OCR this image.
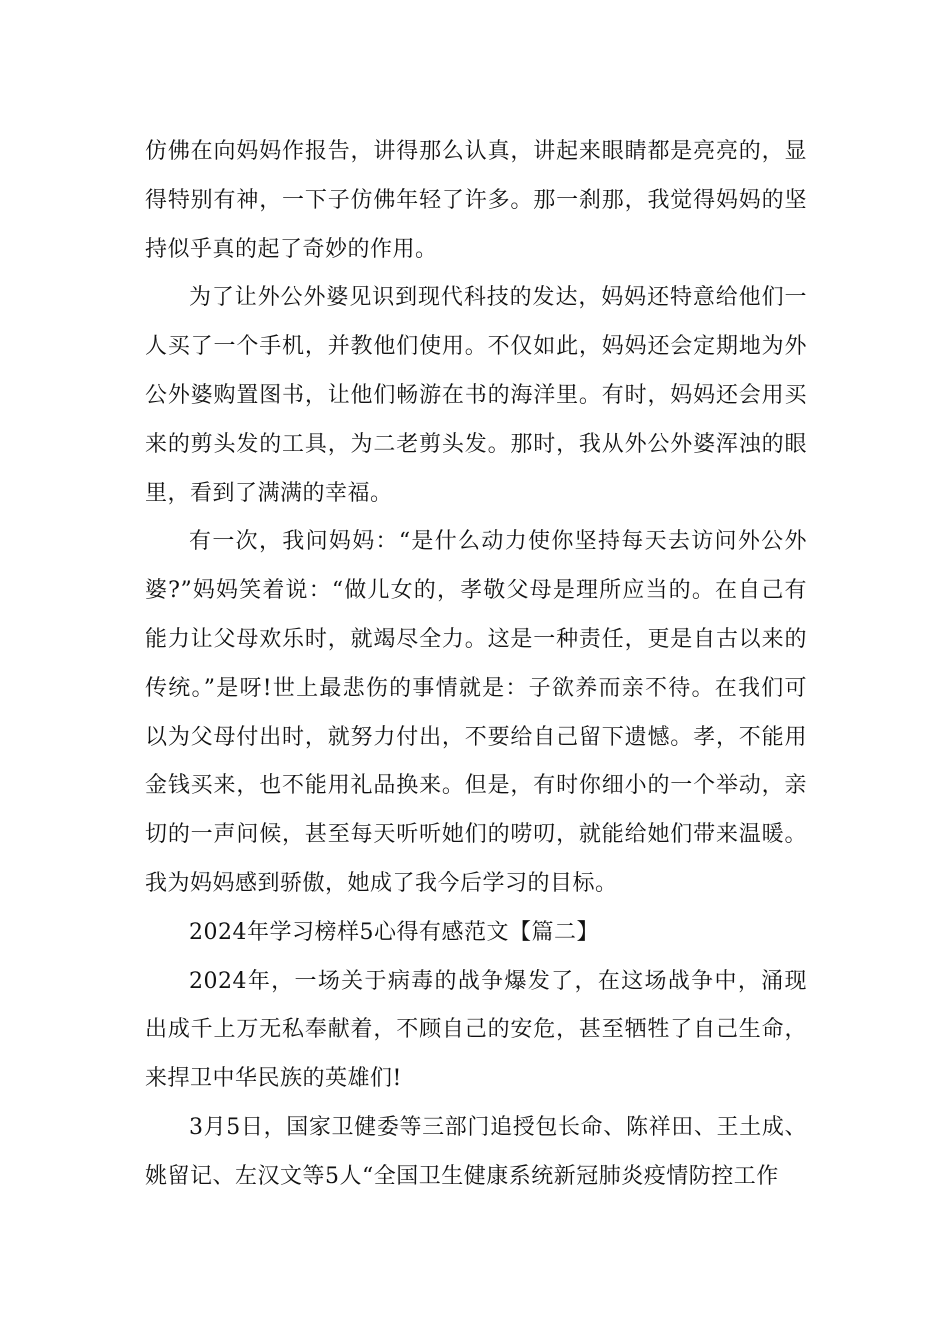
仿佛在向妈妈作报告，讲得那么认真，讲起来眼睛都是亮亮的，显得特别有神，一下子仿佛年轻了许多。那一刹那，我觉得妈妈的坚持似乎真的起了奇妙的作用。

为了让外公外婆见识到现代科技的发达，妈妈还特意给他们一人买了一个手机，并教他们使用。不仅如此，妈妈还会定期地为外公外婆购置图书，让他们畅游在书的海洋里。有时，妈妈还会用买来的剪头发的工具，为二老剪头发。那时，我从外公外婆浑浊的眼里，看到了满满的幸福。

有一次，我问妈妈：“是什么动力使你坚持每天去访问外公外婆?”妈妈笑着说：“做儿女的，孝敬父母是理所应当的。在自己有能力让父母欢乐时，就竭尽全力。这是一种责任，更是自古以来的传统。”是呀!世上最悲伤的事情就是：子欲养而亲不待。在我们可以为父母付出时，就努力付出，不要给自己留下遗憾。孝，不能用金钱买来，也不能用礼品换来。但是，有时你细小的一个举动，亲切的一声问候，甚至每天听听她们的唠叨，就能给她们带来温暖。我为妈妈感到骄傲，她成了我今后学习的目标。

2024年学习榜样5心得有感范文【篇二】

2024年，一场关于病毒的战争爆发了，在这场战争中，涌现出成千上万无私奉献着，不顾自己的安危，甚至牺牲了自己生命，来捍卫中华民族的英雄们!

3月5日，国家卫健委等三部门追授包长命、陈祥田、王土成、姚留记、左汉文等5人“全国卫生健康系统新冠肺炎疫情防控工作
